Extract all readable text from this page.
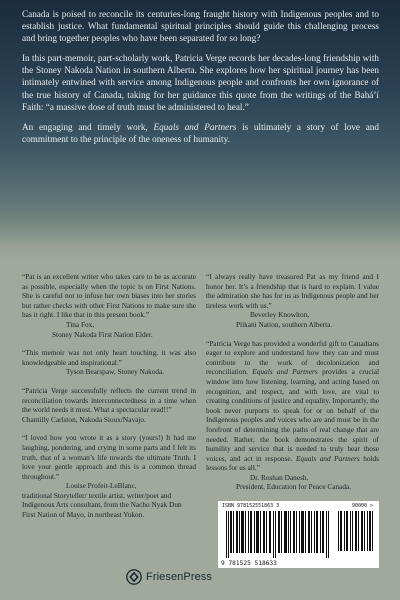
Canada is poised to reconcile its centuries-long fraught history with Indigenous peoples and to establish justice. What fundamental spiritual principles should guide this challenging process and bring together peoples who have been separated for so long?

In this part-memoir, part-scholarly work, Patricia Verge records her decades-long friendship with the Stoney Nakoda Nation in southern Alberta. She explores how her spiritual journey has been intimately entwined with service among Indigenous people and confronts her own ignorance of the true history of Canada, taking for her guidance this quote from the writings of the Bahá’í Faith: “a massive dose of truth must be administered to heal.”

An engaging and timely work, Equals and Partners is ultimately a story of love and commitment to the principle of the oneness of humanity.

“Pat is an excellent writer who takes care to be as accurate as possible, especially when the topic is on First Nations. She is careful not to infuse her own biases into her stories but rather checks with other First Nations to make sure she has it right. I like that in this present book.”

Tina Fox,
Stoney Nakoda First Nation Elder.

“This memoir was not only heart touching, it was also knowledgeable and inspirational.”

Tyson Bearspaw, Stoney Nakoda.

“Patricia Verge successfully reflects the current trend in reconciliation towards interconnectedness in a time when the world needs it most. What a spectacular read!!”

Chantilly Carlston, Nakoda Sioux/Navajo.

“I loved how you wrote it as a story (yours!) It had me laughing, pondering, and crying in some parts and I felt its truth, that of a woman’s life towards the ultimate Truth. I love your gentle approach and this is a common thread throughout.”

Louise Profeit-LeBlanc,
traditional Storyteller/ textile artist, writer/poet and Indigenous Arts consultant, from the Nacho Nyak Dun First Nation of Mayo, in northeast Yukon.

“I always really have treasured Pat as my friend and I honor her. It’s a friendship that is hard to explain. I value the admiration she has for us as Indigenous people and her tireless work with us.”

Beverley Knowlton,
Piikani Nation, southern Alberta.

“Patricia Verge has provided a wonderful gift to Canadians eager to explore and understand how they can and must contribute to the work of decolonization and reconciliation. Equals and Partners provides a crucial window into how listening, learning, and acting based on recognition, and respect, and with love, are vital to creating conditions of justice and equality. Importantly, the book never purports to speak for or on behalf of the Indigenous peoples and voices who are and must be in the forefront of determining the paths of real change that are needed. Rather, the book demonstrates the spirit of humility and service that is needed to truly hear those voices, and act in response. Equals and Partners holds lessons for us all.”

Dr. Roshan Danesh,
President, Education for Peace Canada.
ISBN 978152551863 3	90000 >
9 781525 518633
FriesenPress
